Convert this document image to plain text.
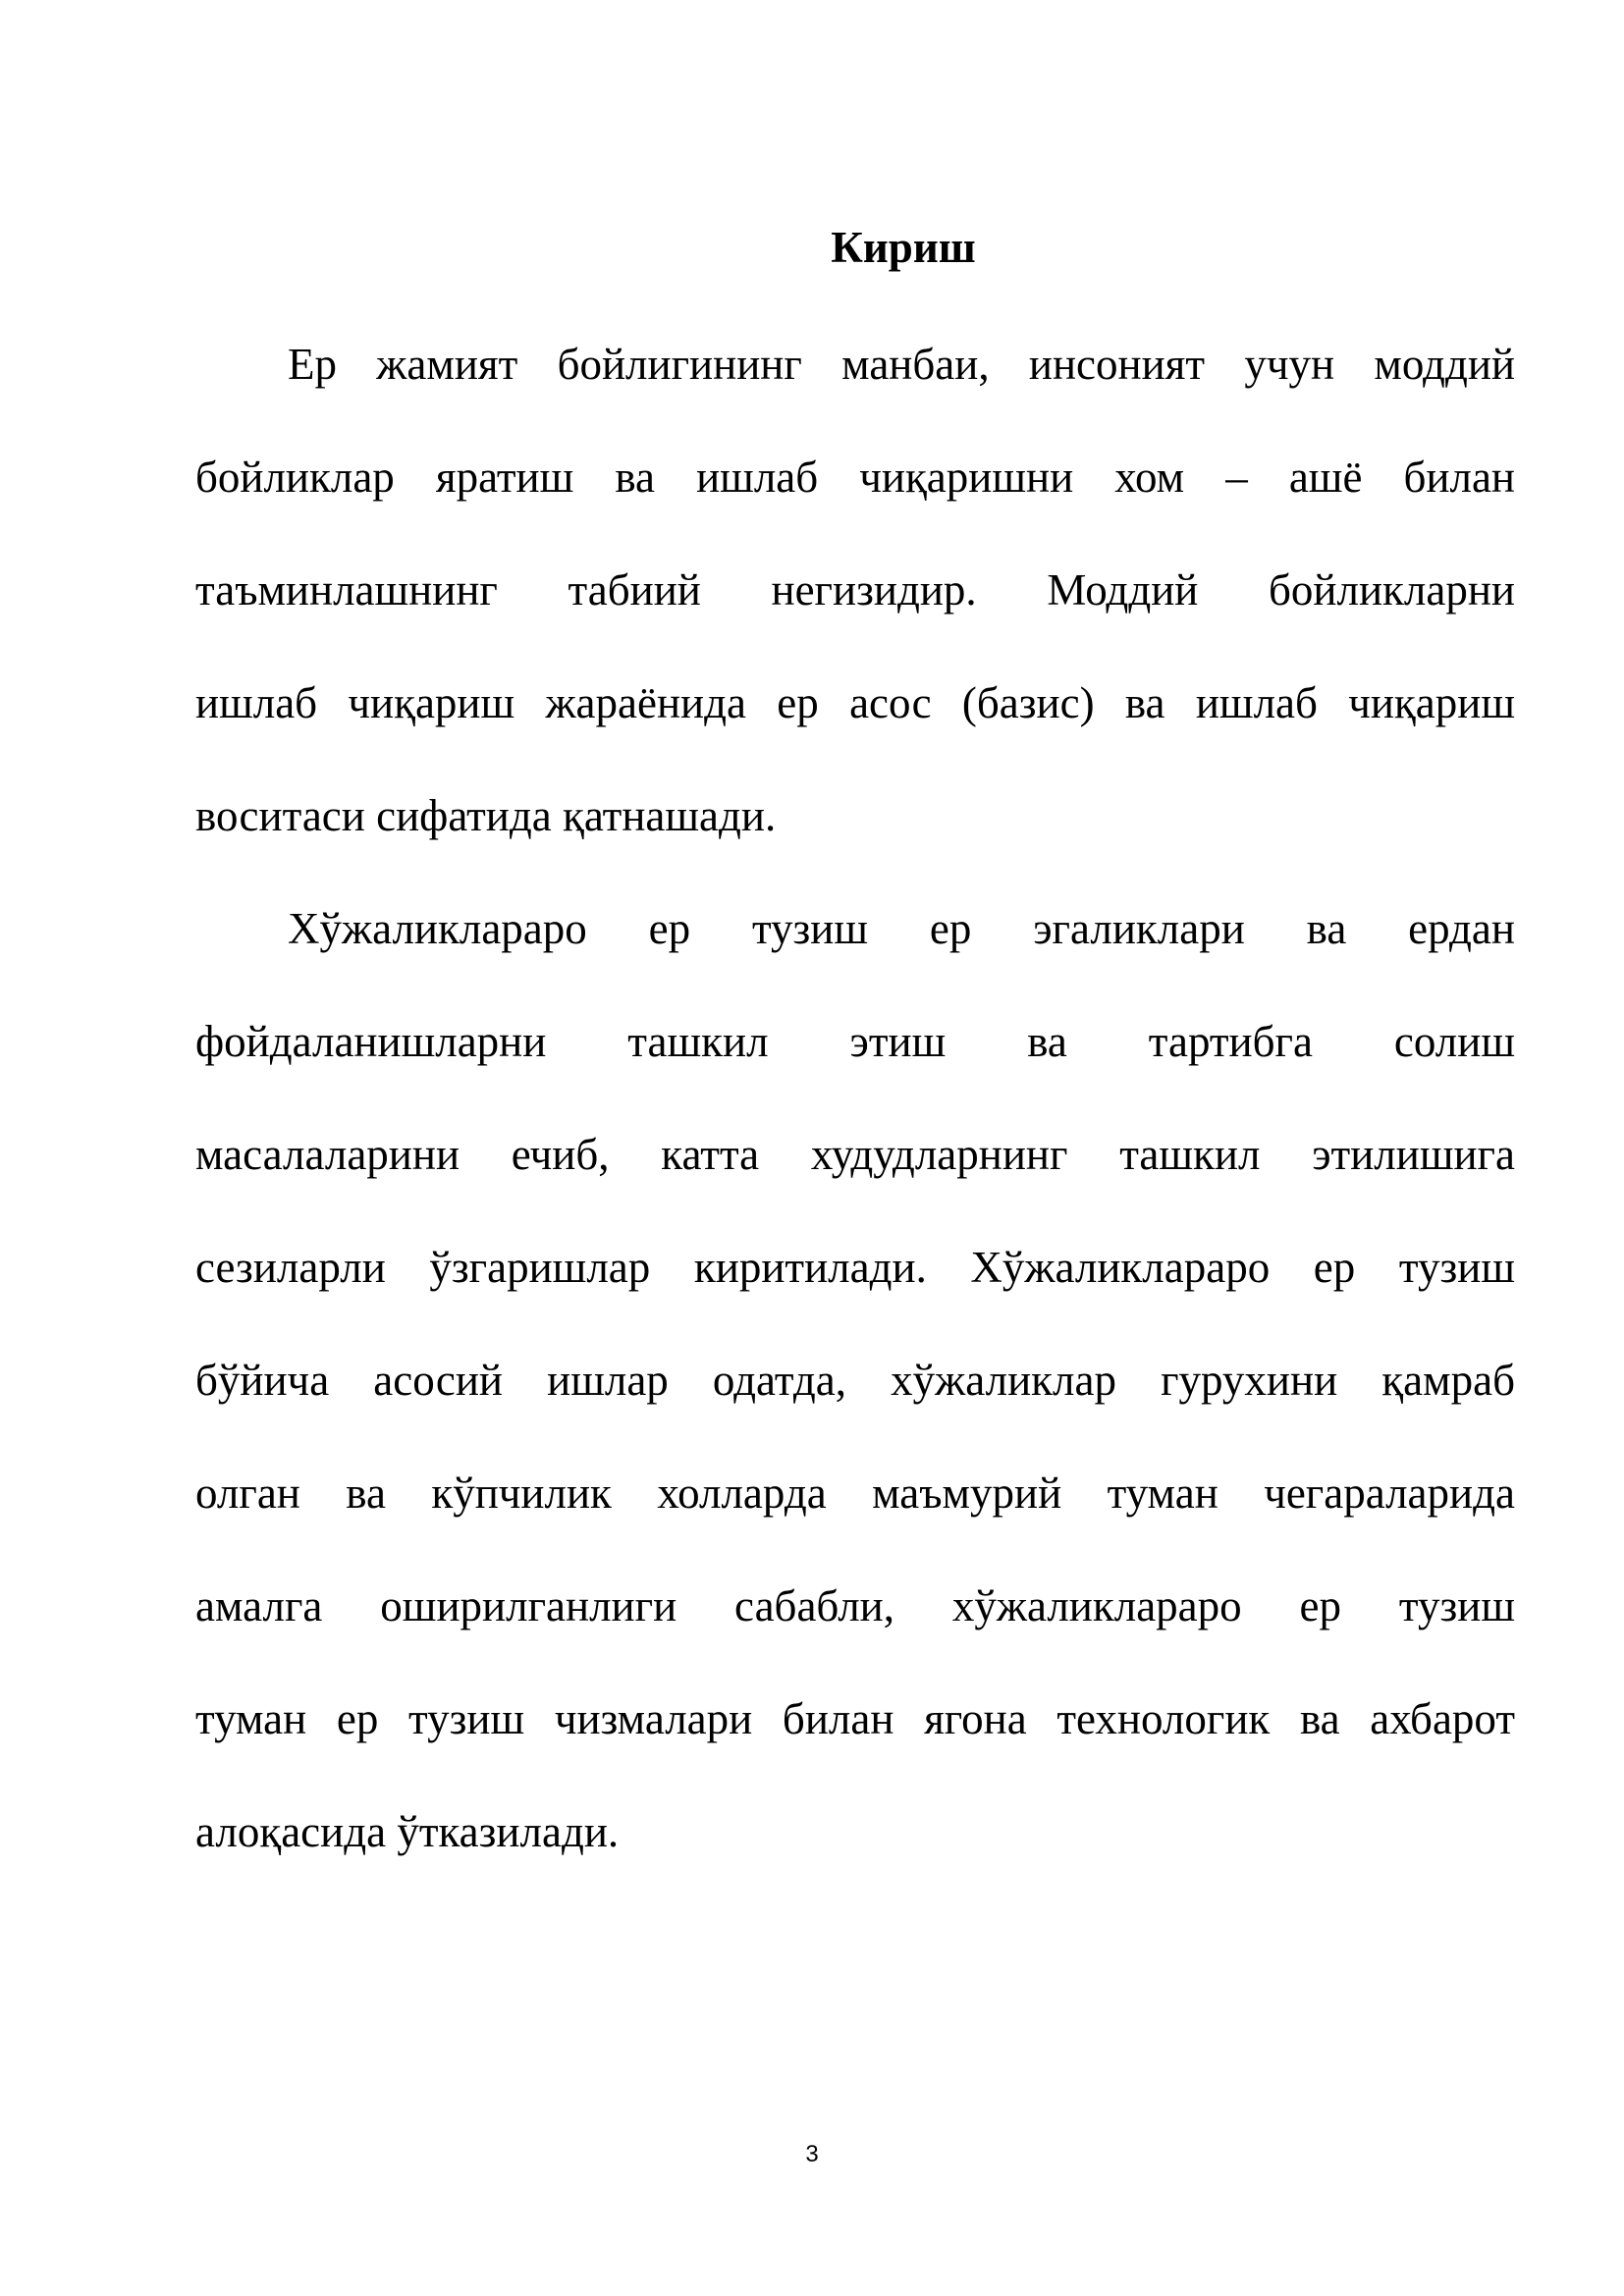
Кириш

Ер жамият бойлигининг манбаи, инсоният учун моддий

бойликлар яратиш ва ишлаб чиқаришни хом – ашё билан

таъминлашнинг табиий негизидир. Моддий бойликларни

ишлаб чиқариш жараёнида ер асос (базис) ва ишлаб чиқариш

воситаси сифатида қатнашади.

Хўжаликлараро ер тузиш ер эгаликлари ва ердан

фойдаланишларни ташкил этиш ва тартибга солиш

масалаларини ечиб, катта худудларнинг ташкил этилишига

сезиларли ўзгаришлар киритилади. Хўжаликлараро ер тузиш

бўйича асосий ишлар одатда, хўжаликлар гурухини қамраб

олган ва кўпчилик холларда маъмурий туман чегараларида

амалга оширилганлиги сабабли, хўжаликлараро ер тузиш

туман ер тузиш чизмалари билан ягона технологик ва ахбарот

алоқасида ўтказилади.

3
